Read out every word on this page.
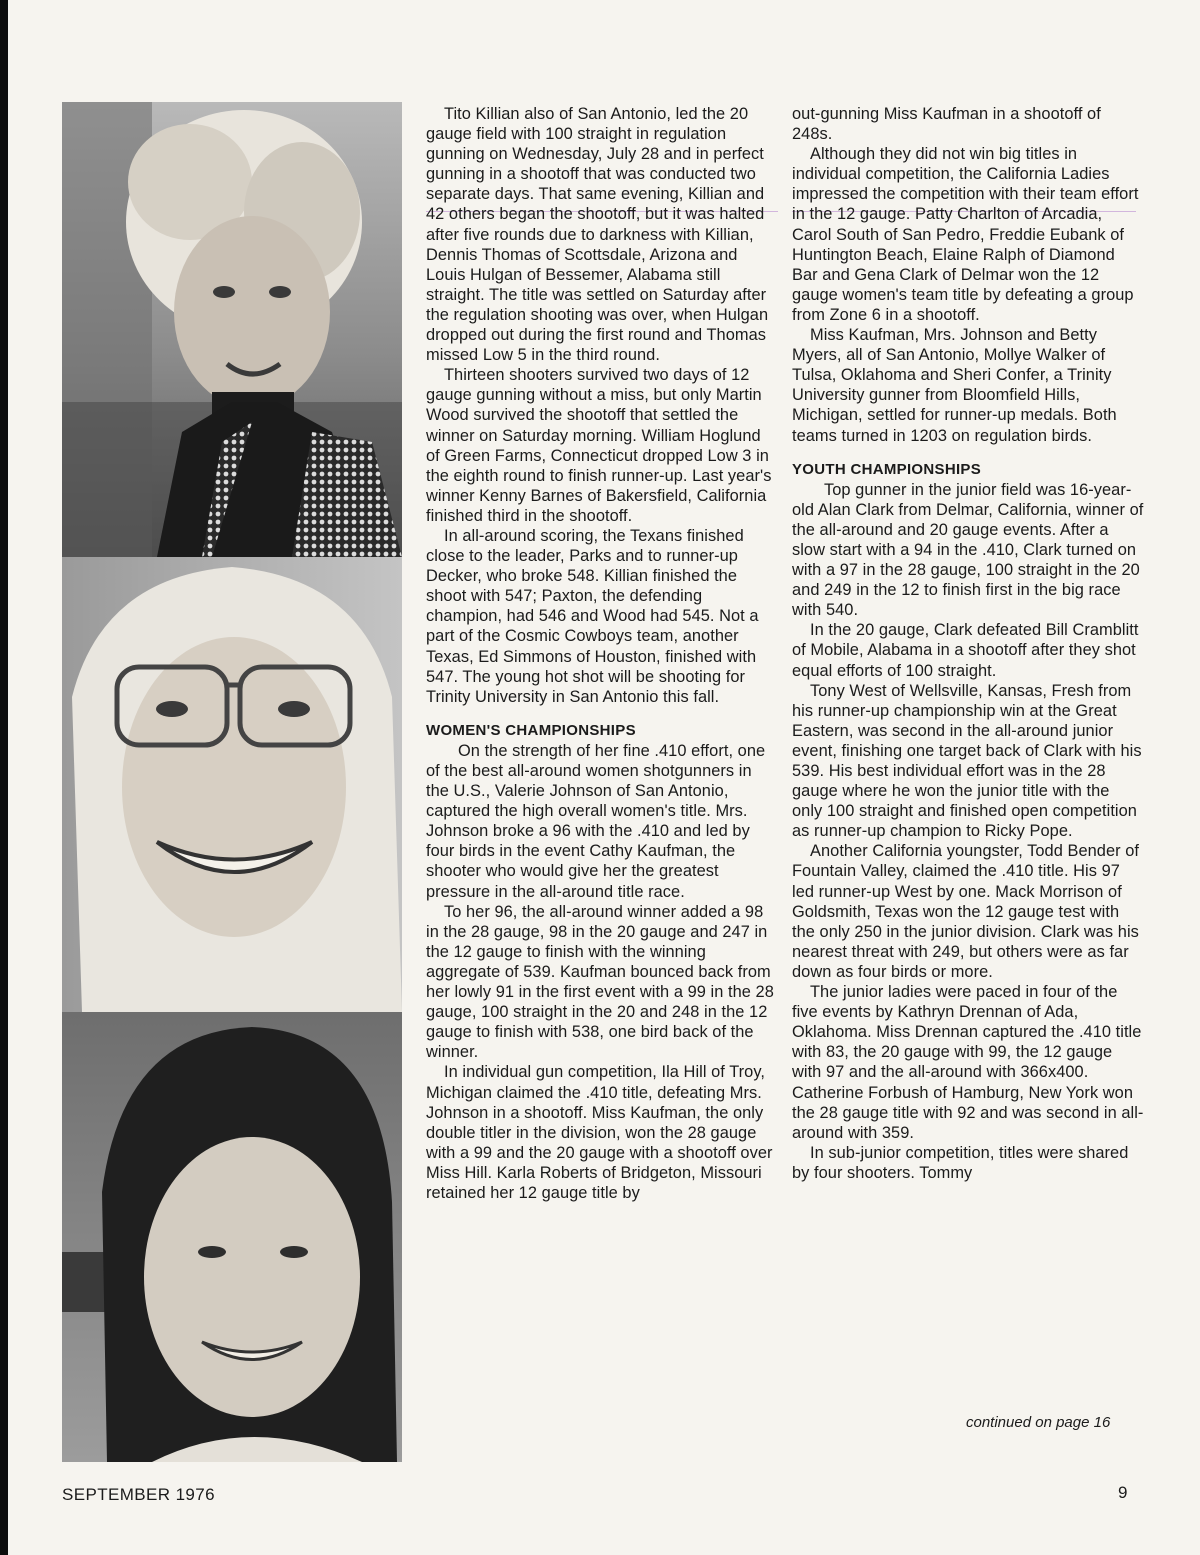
Tito Killian also of San Antonio, led the 20 gauge field with 100 straight in regulation gunning on Wednesday, July 28 and in perfect gunning in a shootoff that was conducted two separate days. That same evening, Killian and 42 others began the shootoff, but it was halted after five rounds due to darkness with Killian, Dennis Thomas of Scottsdale, Arizona and Louis Hulgan of Bessemer, Alabama still straight. The title was settled on Saturday after the regulation shooting was over, when Hulgan dropped out during the first round and Thomas missed Low 5 in the third round.

Thirteen shooters survived two days of 12 gauge gunning without a miss, but only Martin Wood survived the shootoff that settled the winner on Saturday morning. William Hoglund of Green Farms, Connecticut dropped Low 3 in the eighth round to finish runner-up. Last year's winner Kenny Barnes of Bakersfield, California finished third in the shootoff.

In all-around scoring, the Texans finished close to the leader, Parks and to runner-up Decker, who broke 548. Killian finished the shoot with 547; Paxton, the defending champion, had 546 and Wood had 545. Not a part of the Cosmic Cowboys team, another Texas, Ed Simmons of Houston, finished with 547. The young hot shot will be shooting for Trinity University in San Antonio this fall.

WOMEN'S CHAMPIONSHIPS

On the strength of her fine .410 effort, one of the best all-around women shotgunners in the U.S., Valerie Johnson of San Antonio, captured the high overall women's title. Mrs. Johnson broke a 96 with the .410 and led by four birds in the event Cathy Kaufman, the shooter who would give her the greatest pressure in the all-around title race.

To her 96, the all-around winner added a 98 in the 28 gauge, 98 in the 20 gauge and 247 in the 12 gauge to finish with the winning aggregate of 539. Kaufman bounced back from her lowly 91 in the first event with a 99 in the 28 gauge, 100 straight in the 20 and 248 in the 12 gauge to finish with 538, one bird back of the winner.

In individual gun competition, Ila Hill of Troy, Michigan claimed the .410 title, defeating Mrs. Johnson in a shootoff. Miss Kaufman, the only double titler in the division, won the 28 gauge with a 99 and the 20 gauge with a shootoff over Miss Hill. Karla Roberts of Bridgeton, Missouri retained her 12 gauge title by

out-gunning Miss Kaufman in a shootoff of 248s.

Although they did not win big titles in individual competition, the California Ladies impressed the competition with their team effort in the 12 gauge. Patty Charlton of Arcadia, Carol South of San Pedro, Freddie Eubank of Huntington Beach, Elaine Ralph of Diamond Bar and Gena Clark of Delmar won the 12 gauge women's team title by defeating a group from Zone 6 in a shootoff.

Miss Kaufman, Mrs. Johnson and Betty Myers, all of San Antonio, Mollye Walker of Tulsa, Oklahoma and Sheri Confer, a Trinity University gunner from Bloomfield Hills, Michigan, settled for runner-up medals. Both teams turned in 1203 on regulation birds.

YOUTH CHAMPIONSHIPS

Top gunner in the junior field was 16-year-old Alan Clark from Delmar, California, winner of the all-around and 20 gauge events. After a slow start with a 94 in the .410, Clark turned on with a 97 in the 28 gauge, 100 straight in the 20 and 249 in the 12 to finish first in the big race with 540.

In the 20 gauge, Clark defeated Bill Cramblitt of Mobile, Alabama in a shootoff after they shot equal efforts of 100 straight.

Tony West of Wellsville, Kansas, Fresh from his runner-up championship win at the Great Eastern, was second in the all-around junior event, finishing one target back of Clark with his 539. His best individual effort was in the 28 gauge where he won the junior title with the only 100 straight and finished open competition as runner-up champion to Ricky Pope.

Another California youngster, Todd Bender of Fountain Valley, claimed the .410 title. His 97 led runner-up West by one. Mack Morrison of Goldsmith, Texas won the 12 gauge test with the only 250 in the junior division. Clark was his nearest threat with 249, but others were as far down as four birds or more.

The junior ladies were paced in four of the five events by Kathryn Drennan of Ada, Oklahoma. Miss Drennan captured the .410 title with 83, the 20 gauge with 99, the 12 gauge with 97 and the all-around with 366x400. Catherine Forbush of Hamburg, New York won the 28 gauge title with 92 and was second in all-around with 359.

In sub-junior competition, titles were shared by four shooters. Tommy

continued on page 16
SEPTEMBER 1976	9
